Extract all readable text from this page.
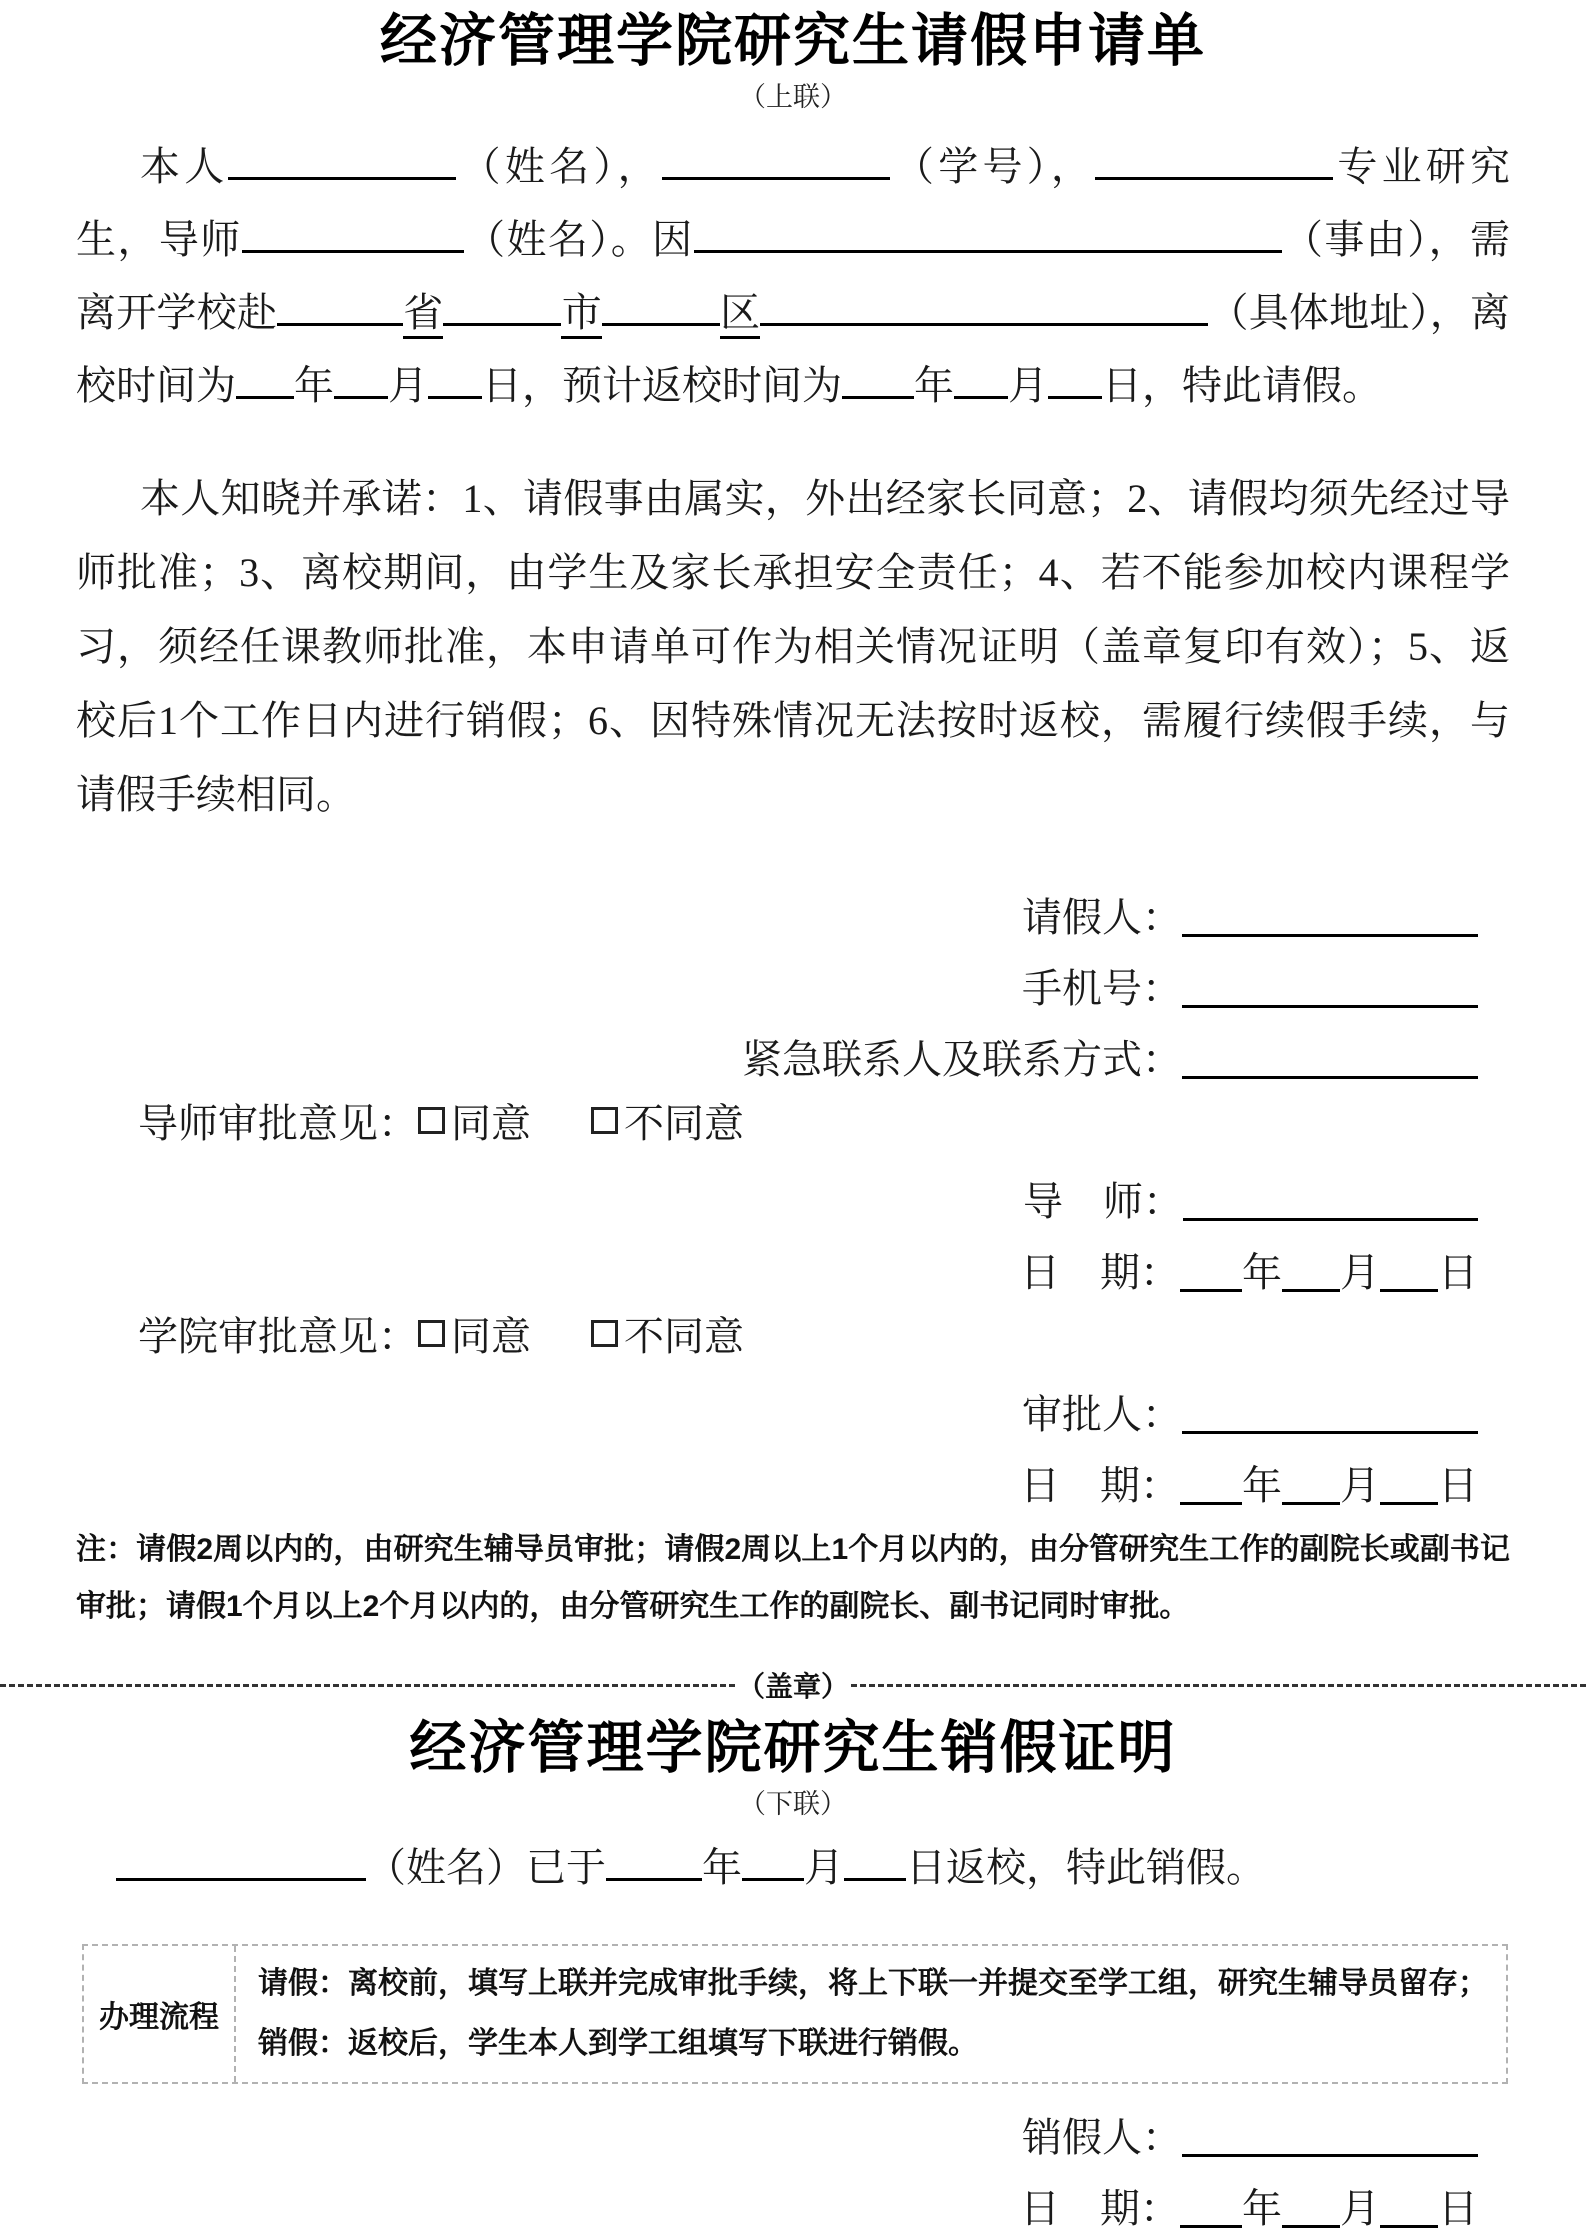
经济管理学院研究生请假申请单
（上联）

本人	（姓名），	（学号），	专业研究生，导师	（姓名）。因	（事由），需离开学校赴	省	市	区	（具体地址），离校时间为 年 月 日，预计返校时间为 年 月 日，特此请假。

本人知晓并承诺：1、请假事由属实，外出经家长同意；2、请假均须先经过导师批准；3、离校期间，由学生及家长承担安全责任；4、若不能参加校内课程学习，须经任课教师批准，本申请单可作为相关情况证明（盖章复印有效）；5、返校后1个工作日内进行销假；6、因特殊情况无法按时返校，需履行续假手续，与请假手续相同。

请假人：
手机号：
紧急联系人及联系方式：
导师审批意见： 同意 不同意
导　师：
日　期： 年 月 日
学院审批意见： 同意 不同意
审批人：
日　期： 年 月 日

注：请假2周以内的，由研究生辅导员审批；请假2周以上1个月以内的，由分管研究生工作的副院长或副书记审批；请假1个月以上2个月以内的，由分管研究生工作的副院长、副书记同时审批。

（盖章）
经济管理学院研究生销假证明
（下联）

（姓名）已于 年 月 日返校，特此销假。

办理流程

请假：离校前，填写上联并完成审批手续，将上下联一并提交至学工组，研究生辅导员留存；

销假：返校后，学生本人到学工组填写下联进行销假。

销假人：
日　期： 年 月 日
